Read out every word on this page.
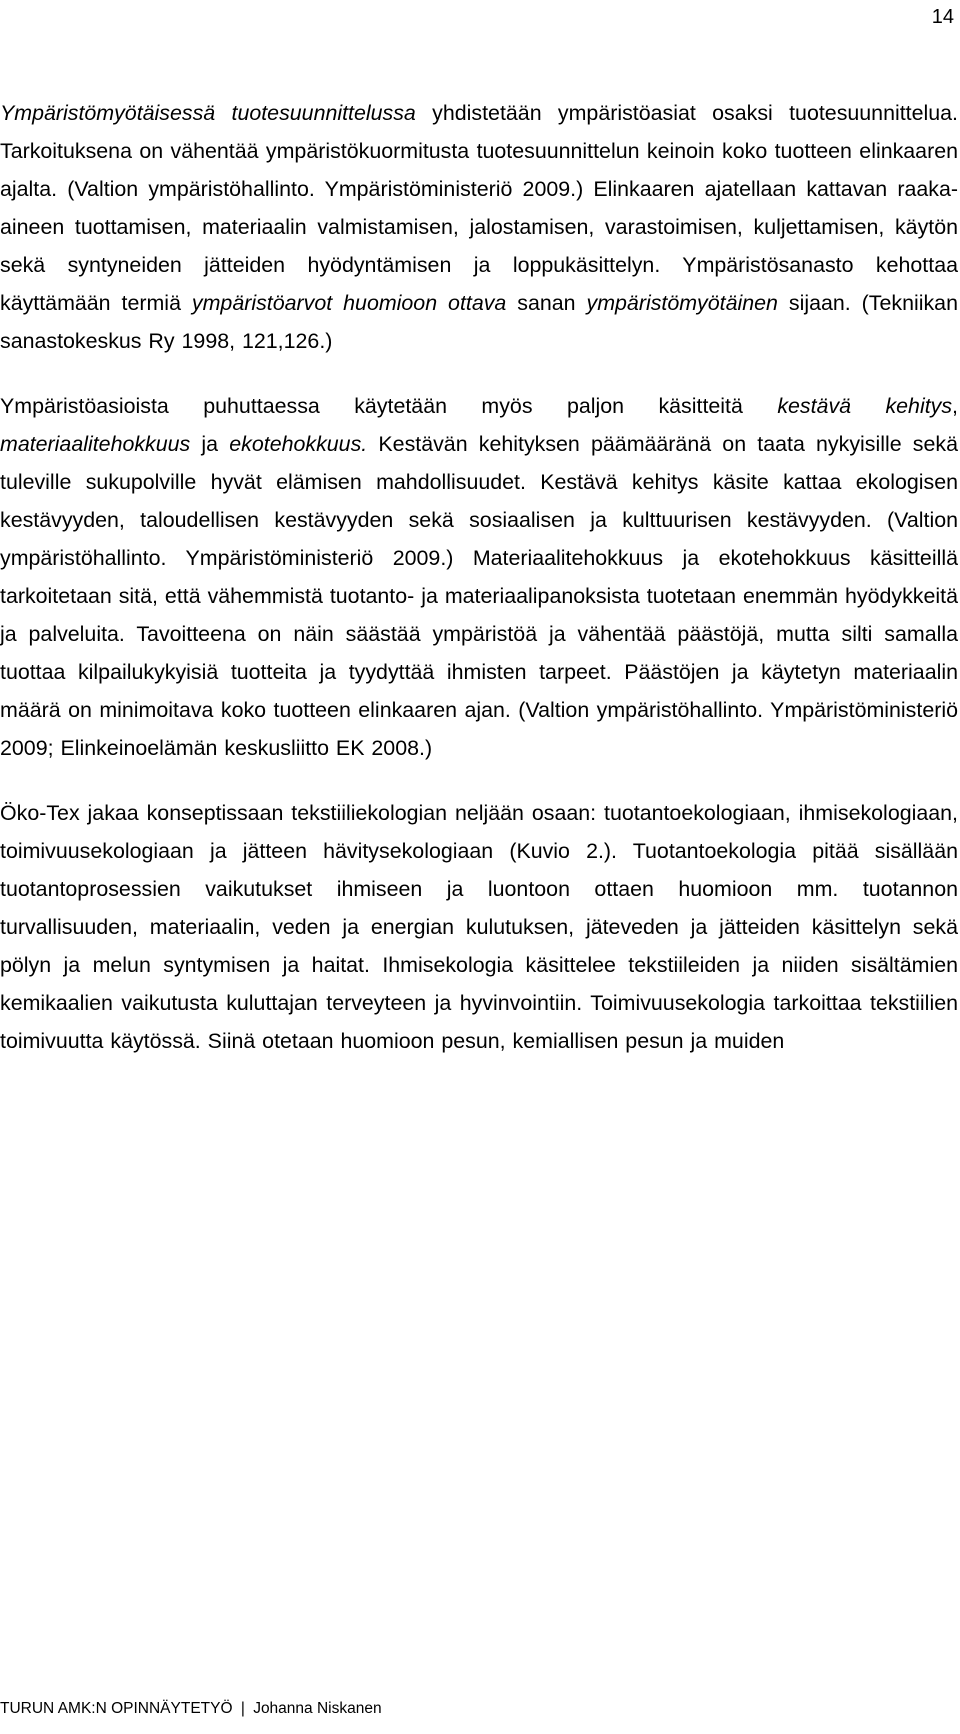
14

Ympäristömyötäisessä tuotesuunnittelussa yhdistetään ympäristöasiat osaksi tuotesuunnittelua. Tarkoituksena on vähentää ympäristökuormitusta tuotesuunnittelun keinoin koko tuotteen elinkaaren ajalta. (Valtion ympäristöhallinto. Ympäristöministeriö 2009.) Elinkaaren ajatellaan kattavan raaka-aineen tuottamisen, materiaalin valmistamisen, jalostamisen, varastoimisen, kuljettamisen, käytön sekä syntyneiden jätteiden hyödyntämisen ja loppukäsittelyn. Ympäristösanasto kehottaa käyttämään termiä ympäristöarvot huomioon ottava sanan ympäristömyötäinen sijaan. (Tekniikan sanastokeskus Ry 1998, 121,126.)

Ympäristöasioista puhuttaessa käytetään myös paljon käsitteitä kestävä kehitys, materiaalitehokkuus ja ekotehokkuus. Kestävän kehityksen päämääränä on taata nykyisille sekä tuleville sukupolville hyvät elämisen mahdollisuudet. Kestävä kehitys käsite kattaa ekologisen kestävyyden, taloudellisen kestävyyden sekä sosiaalisen ja kulttuurisen kestävyyden. (Valtion ympäristöhallinto. Ympäristöministeriö 2009.) Materiaalitehokkuus ja ekotehokkuus käsitteillä tarkoitetaan sitä, että vähemmistä tuotanto- ja materiaalipanoksista tuotetaan enemmän hyödykkeitä ja palveluita. Tavoitteena on näin säästää ympäristöä ja vähentää päästöjä, mutta silti samalla tuottaa kilpailukykyisiä tuotteita ja tyydyttää ihmisten tarpeet. Päästöjen ja käytetyn materiaalin määrä on minimoitava koko tuotteen elinkaaren ajan. (Valtion ympäristöhallinto. Ympäristöministeriö 2009; Elinkeinoelämän keskusliitto EK 2008.)

Öko-Tex jakaa konseptissaan tekstiiliekologian neljään osaan: tuotantoekologiaan, ihmisekologiaan, toimivuusekologiaan ja jätteen hävitysekologiaan (Kuvio 2.). Tuotantoekologia pitää sisällään tuotantoprosessien vaikutukset ihmiseen ja luontoon ottaen huomioon mm. tuotannon turvallisuuden, materiaalin, veden ja energian kulutuksen, jäteveden ja jätteiden käsittelyn sekä pölyn ja melun syntymisen ja haitat. Ihmisekologia käsittelee tekstiileiden ja niiden sisältämien kemikaalien vaikutusta kuluttajan terveyteen ja hyvinvointiin. Toimivuusekologia tarkoittaa tekstiilien toimivuutta käytössä. Siinä otetaan huomioon pesun, kemiallisen pesun ja muiden

TURUN AMK:N OPINNÄYTETYÖ | Johanna Niskanen
